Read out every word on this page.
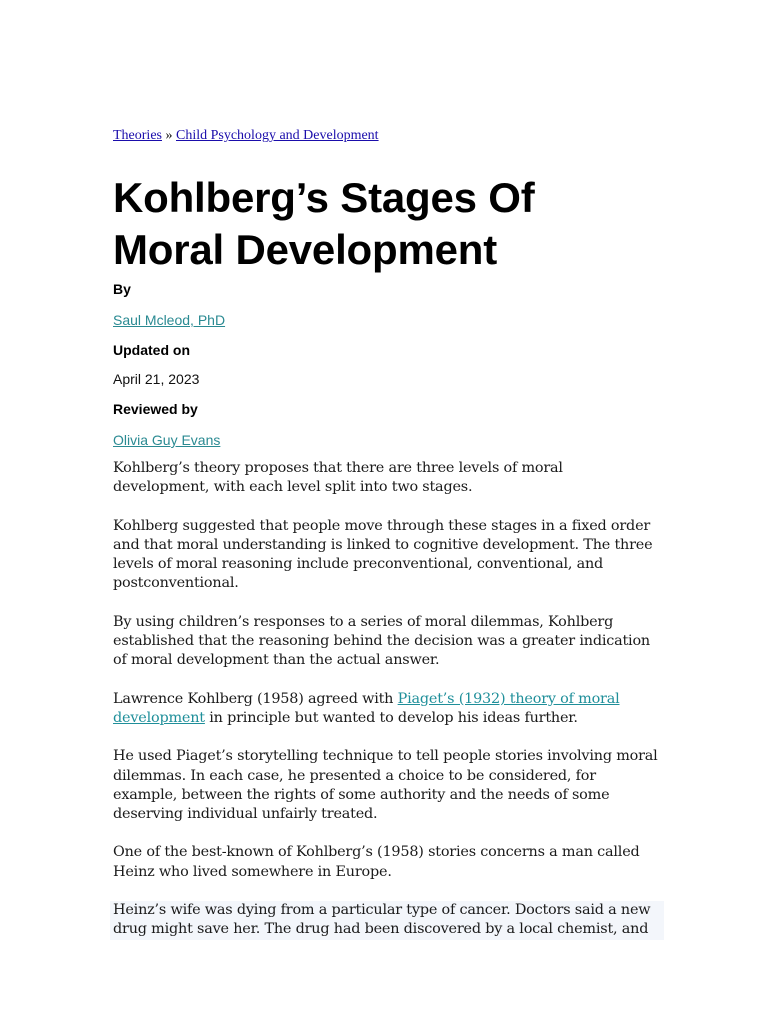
Theories » Child Psychology and Development
Kohlberg’s Stages Of
Moral Development
By
Saul Mcleod, PhD
Updated on
April 21, 2023
Reviewed by
Olivia Guy Evans

Kohlberg’s theory proposes that there are three levels of moral development, with each level split into two stages.

Kohlberg suggested that people move through these stages in a fixed order and that moral understanding is linked to cognitive development. The three levels of moral reasoning include preconventional, conventional, and postconventional.

By using children’s responses to a series of moral dilemmas, Kohlberg established that the reasoning behind the decision was a greater indication of moral development than the actual answer.

Lawrence Kohlberg (1958) agreed with Piaget’s (1932) theory of moral development in principle but wanted to develop his ideas further.

He used Piaget’s storytelling technique to tell people stories involving moral dilemmas. In each case, he presented a choice to be considered, for example, between the rights of some authority and the needs of some deserving individual unfairly treated.

One of the best-known of Kohlberg’s (1958) stories concerns a man called Heinz who lived somewhere in Europe.

Heinz’s wife was dying from a particular type of cancer. Doctors said a new drug might save her. The drug had been discovered by a local chemist, and
